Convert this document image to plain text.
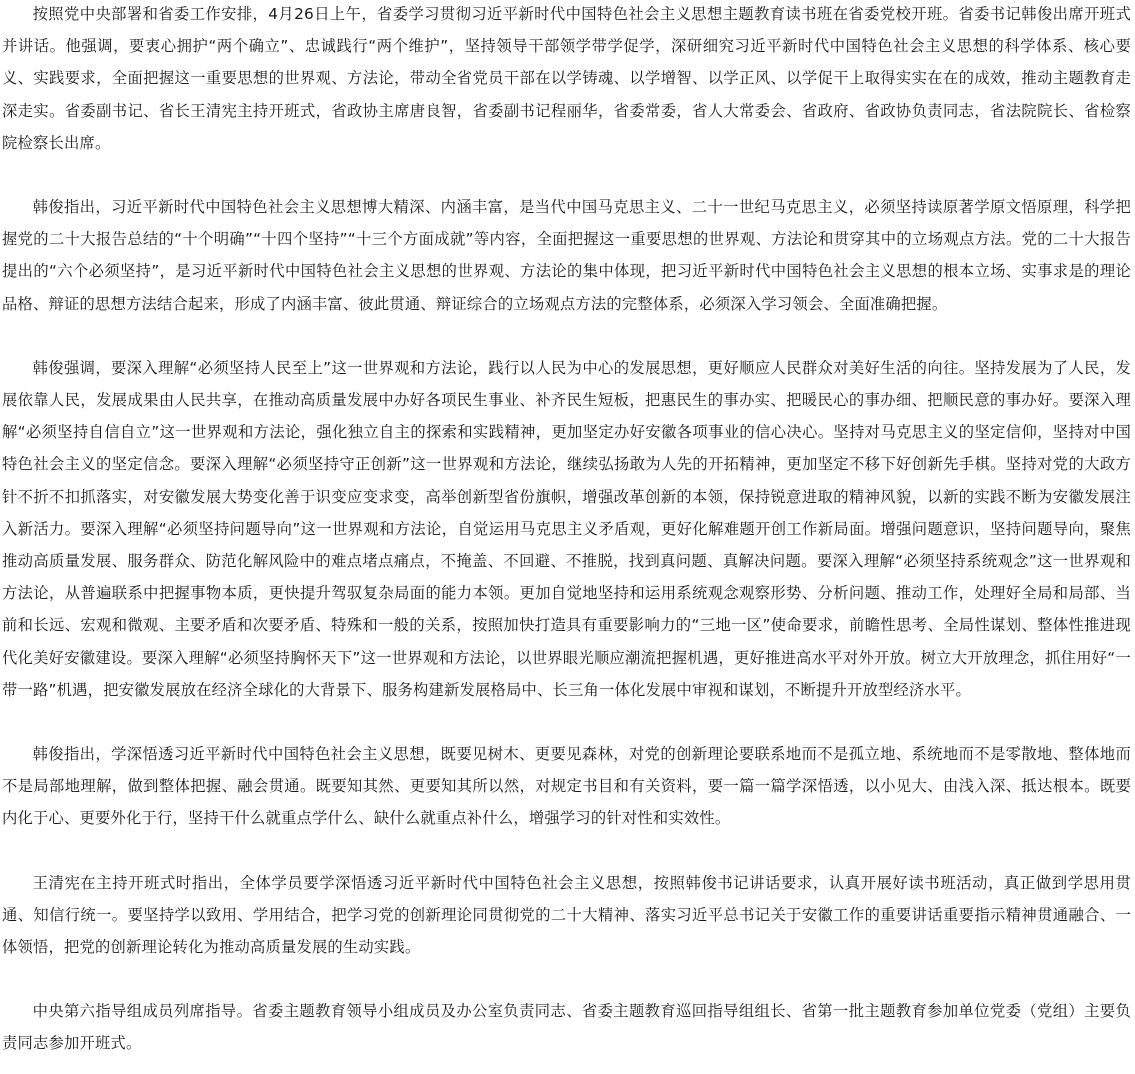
按照党中央部署和省委工作安排，4月26日上午，省委学习贯彻习近平新时代中国特色社会主义思想主题教育读书班在省委党校开班。省委书记韩俊出席开班式并讲话。他强调，要衷心拥护“两个确立”、忠诚践行“两个维护”，坚持领导干部领学带学促学，深研细究习近平新时代中国特色社会主义思想的科学体系、核心要义、实践要求，全面把握这一重要思想的世界观、方法论，带动全省党员干部在以学铸魂、以学增智、以学正风、以学促干上取得实实在在的成效，推动主题教育走深走实。省委副书记、省长王清宪主持开班式，省政协主席唐良智，省委副书记程丽华，省委常委，省人大常委会、省政府、省政协负责同志，省法院院长、省检察院检察长出席。

韩俊指出，习近平新时代中国特色社会主义思想博大精深、内涵丰富，是当代中国马克思主义、二十一世纪马克思主义，必须坚持读原著学原文悟原理，科学把握党的二十大报告总结的“十个明确”“十四个坚持”“十三个方面成就”等内容，全面把握这一重要思想的世界观、方法论和贯穿其中的立场观点方法。党的二十大报告提出的“六个必须坚持”，是习近平新时代中国特色社会主义思想的世界观、方法论的集中体现，把习近平新时代中国特色社会主义思想的根本立场、实事求是的理论品格、辩证的思想方法结合起来，形成了内涵丰富、彼此贯通、辩证综合的立场观点方法的完整体系，必须深入学习领会、全面准确把握。

韩俊强调，要深入理解“必须坚持人民至上”这一世界观和方法论，践行以人民为中心的发展思想，更好顺应人民群众对美好生活的向往。坚持发展为了人民，发展依靠人民，发展成果由人民共享，在推动高质量发展中办好各项民生事业、补齐民生短板，把惠民生的事办实、把暖民心的事办细、把顺民意的事办好。要深入理解“必须坚持自信自立”这一世界观和方法论，强化独立自主的探索和实践精神，更加坚定办好安徽各项事业的信心决心。坚持对马克思主义的坚定信仰，坚持对中国特色社会主义的坚定信念。要深入理解“必须坚持守正创新”这一世界观和方法论，继续弘扬敢为人先的开拓精神，更加坚定不移下好创新先手棋。坚持对党的大政方针不折不扣抓落实，对安徽发展大势变化善于识变应变求变，高举创新型省份旗帜，增强改革创新的本领，保持锐意进取的精神风貌，以新的实践不断为安徽发展注入新活力。要深入理解“必须坚持问题导向”这一世界观和方法论，自觉运用马克思主义矛盾观，更好化解难题开创工作新局面。增强问题意识，坚持问题导向，聚焦推动高质量发展、服务群众、防范化解风险中的难点堵点痛点，不掩盖、不回避、不推脱，找到真问题、真解决问题。要深入理解“必须坚持系统观念”这一世界观和方法论，从普遍联系中把握事物本质，更快提升驾驭复杂局面的能力本领。更加自觉地坚持和运用系统观念观察形势、分析问题、推动工作，处理好全局和局部、当前和长远、宏观和微观、主要矛盾和次要矛盾、特殊和一般的关系，按照加快打造具有重要影响力的“三地一区”使命要求，前瞻性思考、全局性谋划、整体性推进现代化美好安徽建设。要深入理解“必须坚持胸怀天下”这一世界观和方法论，以世界眼光顺应潮流把握机遇，更好推进高水平对外开放。树立大开放理念，抓住用好“一带一路”机遇，把安徽发展放在经济全球化的大背景下、服务构建新发展格局中、长三角一体化发展中审视和谋划，不断提升开放型经济水平。

韩俊指出，学深悟透习近平新时代中国特色社会主义思想，既要见树木、更要见森林，对党的创新理论要联系地而不是孤立地、系统地而不是零散地、整体地而不是局部地理解，做到整体把握、融会贯通。既要知其然、更要知其所以然，对规定书目和有关资料，要一篇一篇学深悟透，以小见大、由浅入深、抵达根本。既要内化于心、更要外化于行，坚持干什么就重点学什么、缺什么就重点补什么，增强学习的针对性和实效性。

王清宪在主持开班式时指出，全体学员要学深悟透习近平新时代中国特色社会主义思想，按照韩俊书记讲话要求，认真开展好读书班活动，真正做到学思用贯通、知信行统一。要坚持学以致用、学用结合，把学习党的创新理论同贯彻党的二十大精神、落实习近平总书记关于安徽工作的重要讲话重要指示精神贯通融合、一体领悟，把党的创新理论转化为推动高质量发展的生动实践。

中央第六指导组成员列席指导。省委主题教育领导小组成员及办公室负责同志、省委主题教育巡回指导组组长、省第一批主题教育参加单位党委（党组）主要负责同志参加开班式。
